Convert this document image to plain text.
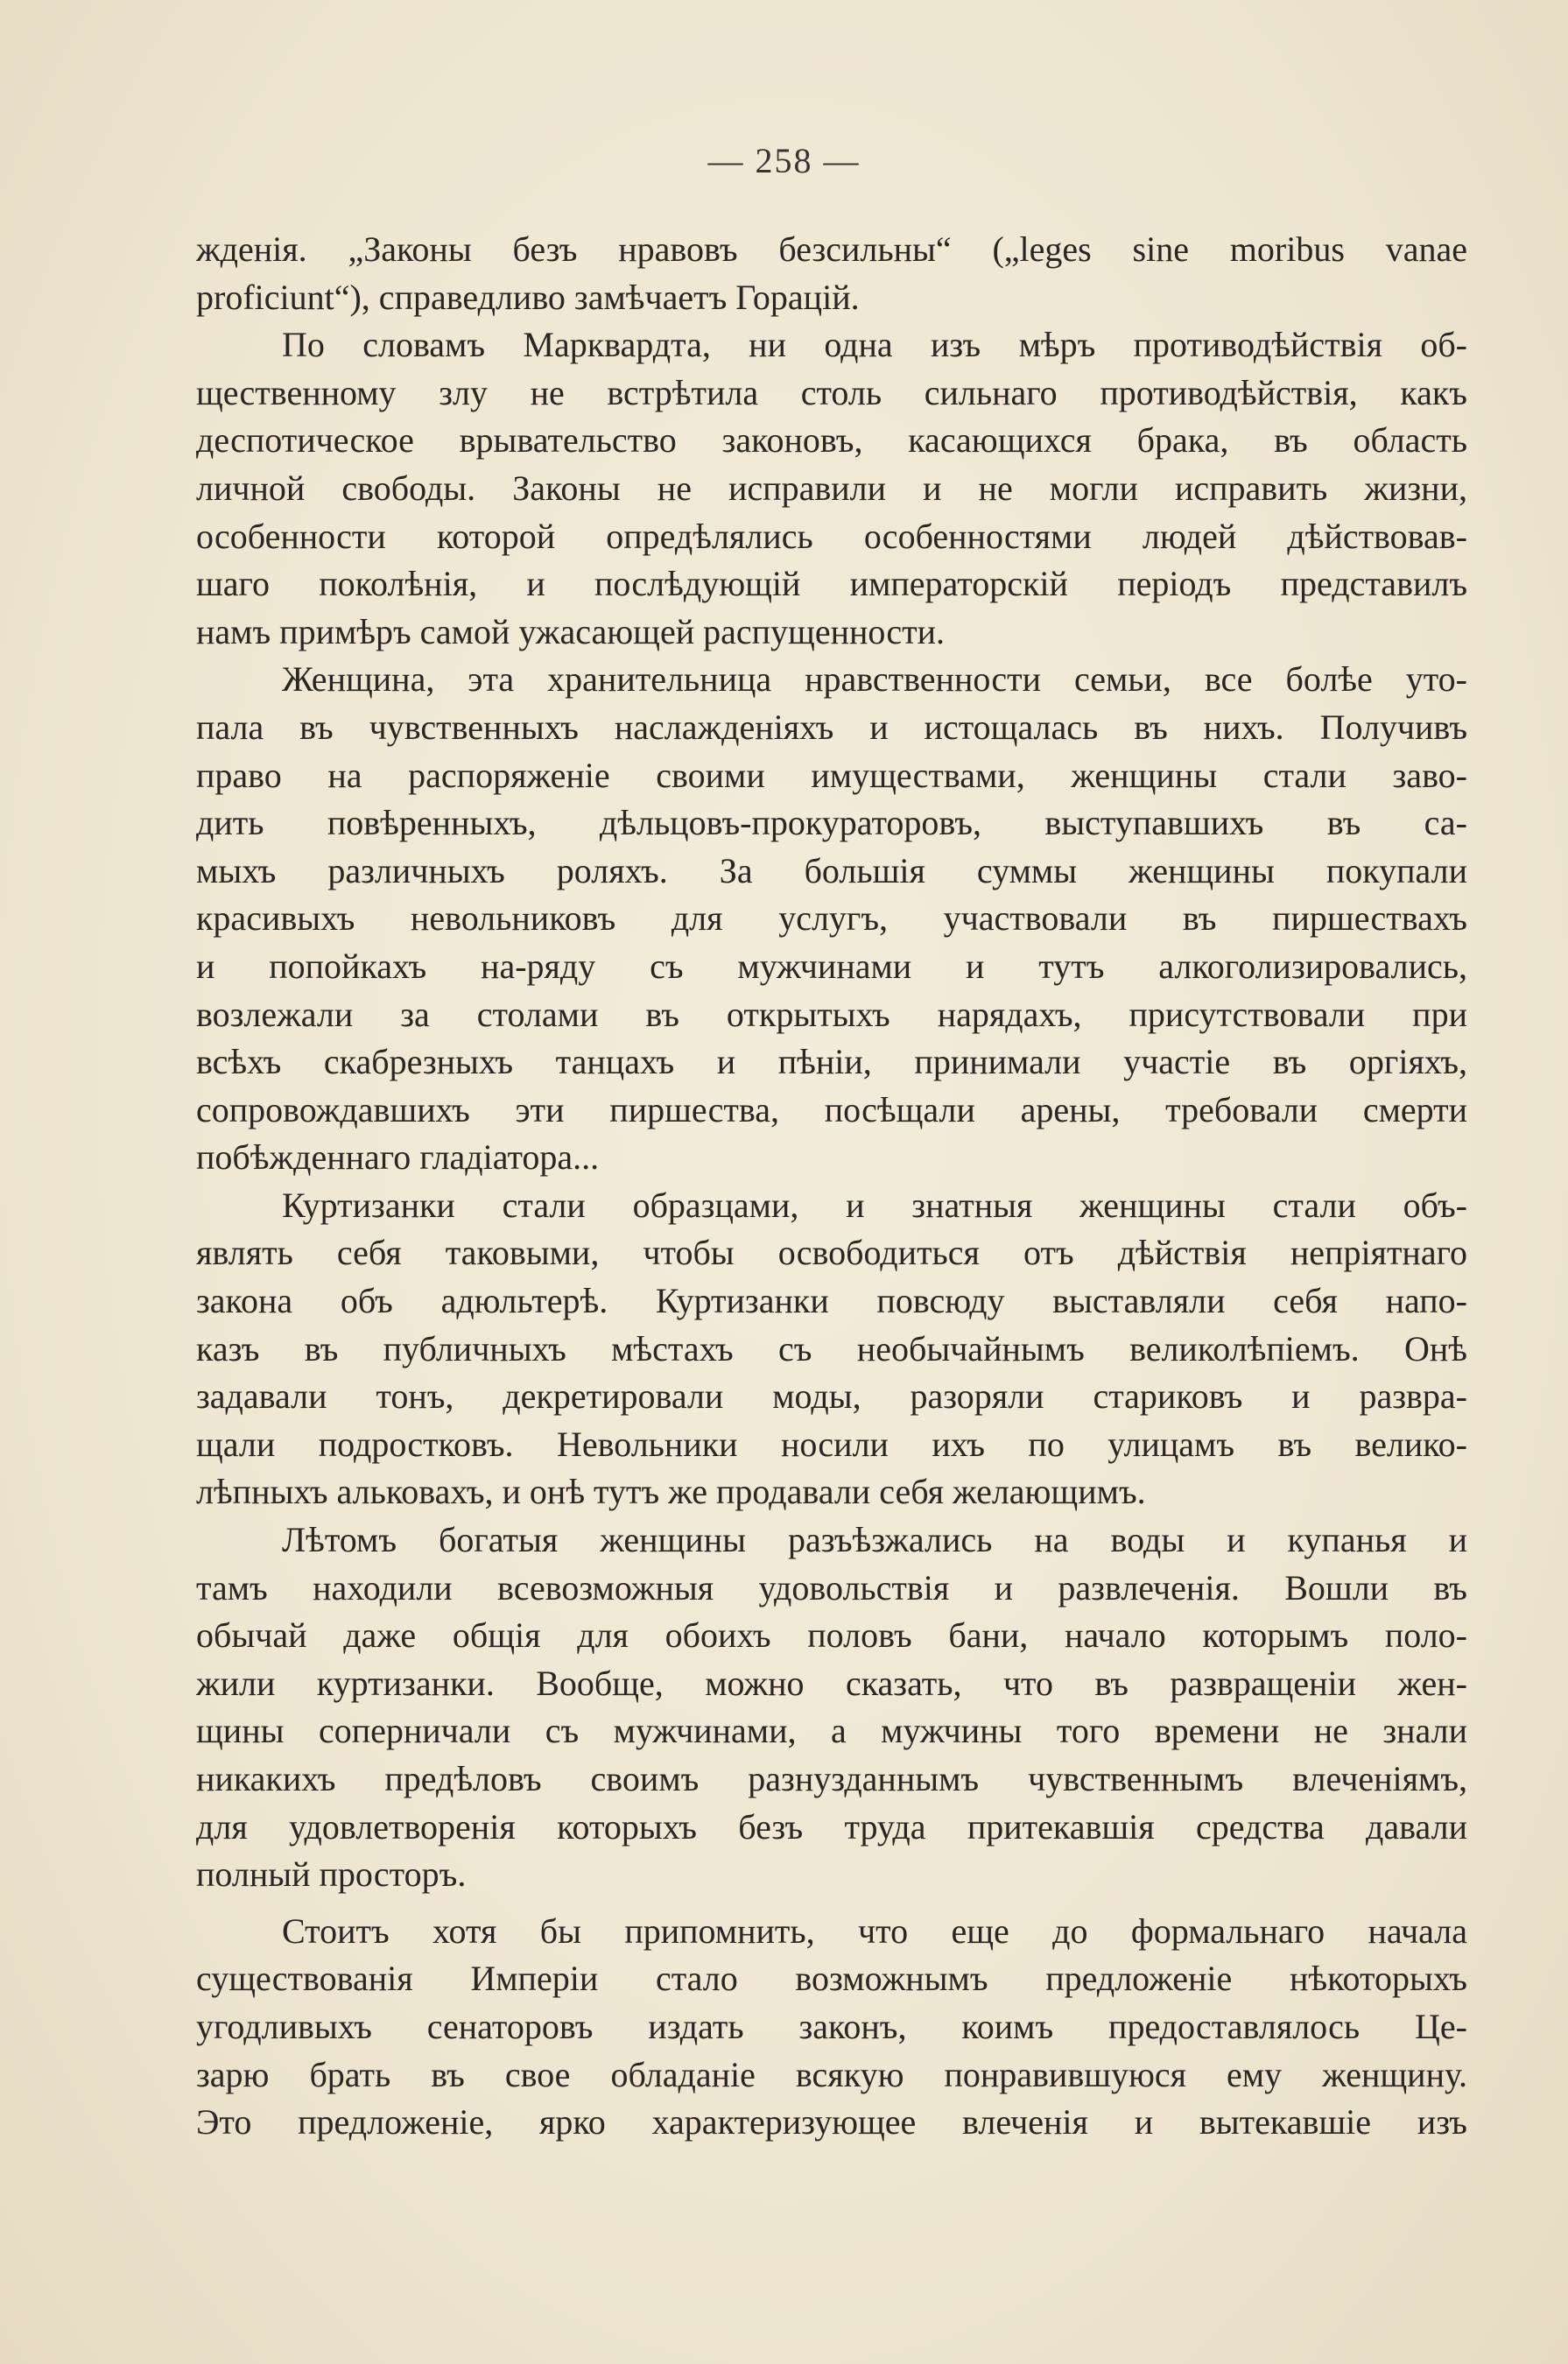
— 258 —
жденія. „Законы безъ нравовъ безсильны“ („leges sine moribus vanae
proficiunt“), справедливо замѣчаетъ Горацій.
По словамъ Марквардта, ни одна изъ мѣръ противодѣйствія об-
щественному злу не встрѣтила столь сильнаго противодѣйствія, какъ
деспотическое врывательство законовъ, касающихся брака, въ область
личной свободы. Законы не исправили и не могли исправить жизни,
особенности которой опредѣлялись особенностями людей дѣйствовав-
шаго поколѣнія, и послѣдующій императорскій періодъ представилъ
намъ примѣръ самой ужасающей распущенности.
Женщина, эта хранительница нравственности семьи, все болѣе уто-
пала въ чувственныхъ наслажденіяхъ и истощалась въ нихъ. Получивъ
право на распоряженіе своими имуществами, женщины стали заво-
дить повѣренныхъ, дѣльцовъ-прокураторовъ, выступавшихъ въ са-
мыхъ различныхъ роляхъ. За большія суммы женщины покупали
красивыхъ невольниковъ для услугъ, участвовали въ пиршествахъ
и попойкахъ на-ряду съ мужчинами и тутъ алкоголизировались,
возлежали за столами въ открытыхъ нарядахъ, присутствовали при
всѣхъ скабрезныхъ танцахъ и пѣніи, принимали участіе въ оргіяхъ,
сопровождавшихъ эти пиршества, посѣщали арены, требовали смерти
побѣжденнаго гладіатора...
Куртизанки стали образцами, и знатныя женщины стали объ-
являть себя таковыми, чтобы освободиться отъ дѣйствія непріятнаго
закона объ адюльтерѣ. Куртизанки повсюду выставляли себя напо-
казъ въ публичныхъ мѣстахъ съ необычайнымъ великолѣпіемъ. Онѣ
задавали тонъ, декретировали моды, разоряли стариковъ и развра-
щали подростковъ. Невольники носили ихъ по улицамъ въ велико-
лѣпныхъ альковахъ, и онѣ тутъ же продавали себя желающимъ.
Лѣтомъ богатыя женщины разъѣзжались на воды и купанья и
тамъ находили всевозможныя удовольствія и развлеченія. Вошли въ
обычай даже общія для обоихъ половъ бани, начало которымъ поло-
жили куртизанки. Вообще, можно сказать, что въ развращеніи жен-
щины соперничали съ мужчинами, а мужчины того времени не знали
никакихъ предѣловъ своимъ разнузданнымъ чувственнымъ влеченіямъ,
для удовлетворенія которыхъ безъ труда притекавшія средства давали
полный просторъ.
Стоитъ хотя бы припомнить, что еще до формальнаго начала
существованія Имперіи стало возможнымъ предложеніе нѣкоторыхъ
угодливыхъ сенаторовъ издать законъ, коимъ предоставлялось Це-
зарю брать въ свое обладаніе всякую понравившуюся ему женщину.
Это предложеніе, ярко характеризующее влеченія и вытекавшіе изъ
